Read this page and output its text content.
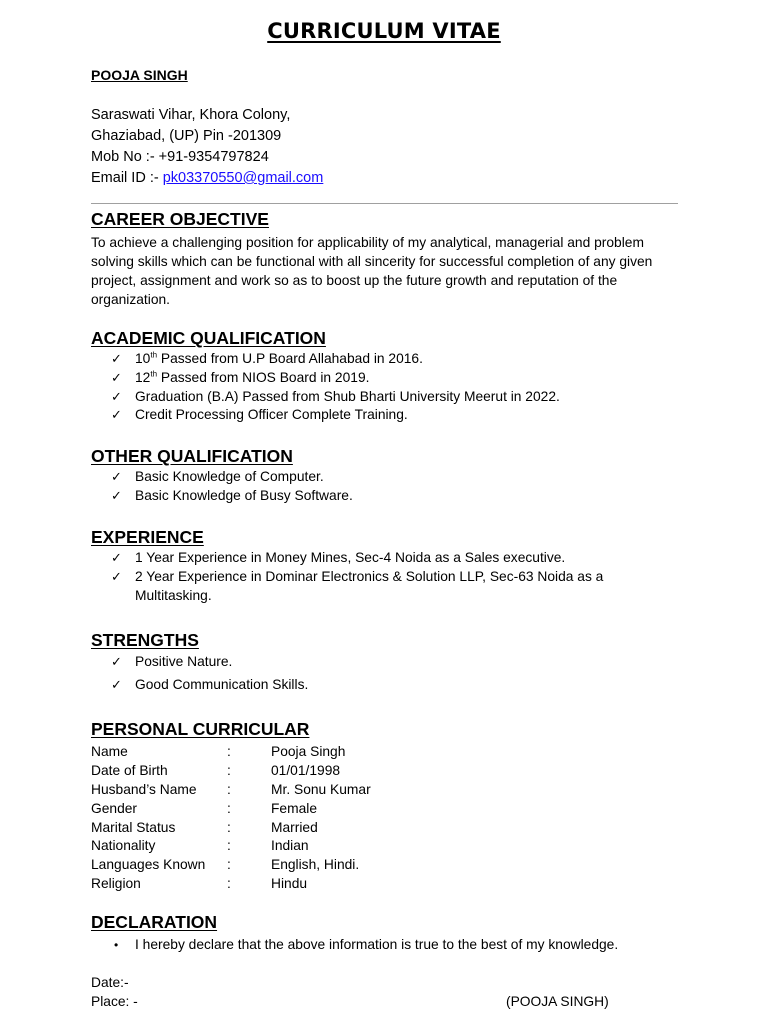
CURRICULUM VITAE
POOJA SINGH
Saraswati Vihar, Khora Colony,
Ghaziabad, (UP) Pin -201309
Mob No :- +91-9354797824
Email ID :- pk03370550@gmail.com
CAREER OBJECTIVE
To achieve a challenging position for applicability of my analytical, managerial and problem solving skills which can be functional with all sincerity for successful completion of any given project, assignment and work so as to boost up the future growth and reputation of the organization.
ACADEMIC QUALIFICATION
✓ 10th Passed from U.P Board Allahabad in 2016.
✓ 12th Passed from NIOS Board in 2019.
✓ Graduation (B.A) Passed from Shub Bharti University Meerut in 2022.
✓ Credit Processing Officer Complete Training.
OTHER QUALIFICATION
✓ Basic Knowledge of Computer.
✓ Basic Knowledge of Busy Software.
EXPERIENCE
✓ 1 Year Experience in Money Mines, Sec-4 Noida as a Sales executive.
✓ 2 Year Experience in Dominar Electronics & Solution LLP, Sec-63 Noida as a
Multitasking.
STRENGTHS
✓ Positive Nature.
✓ Good Communication Skills.
PERSONAL CURRICULAR
Name	:	Pooja Singh
Date of Birth	:	01/01/1998
Husband’s Name	:	Mr. Sonu Kumar
Gender	:	Female
Marital Status	:	Married
Nationality	:	Indian
Languages Known	:	English, Hindi.
Religion	:	Hindu
DECLARATION
• I hereby declare that the above information is true to the best of my knowledge.
Date:-
Place: -	(POOJA SINGH)
